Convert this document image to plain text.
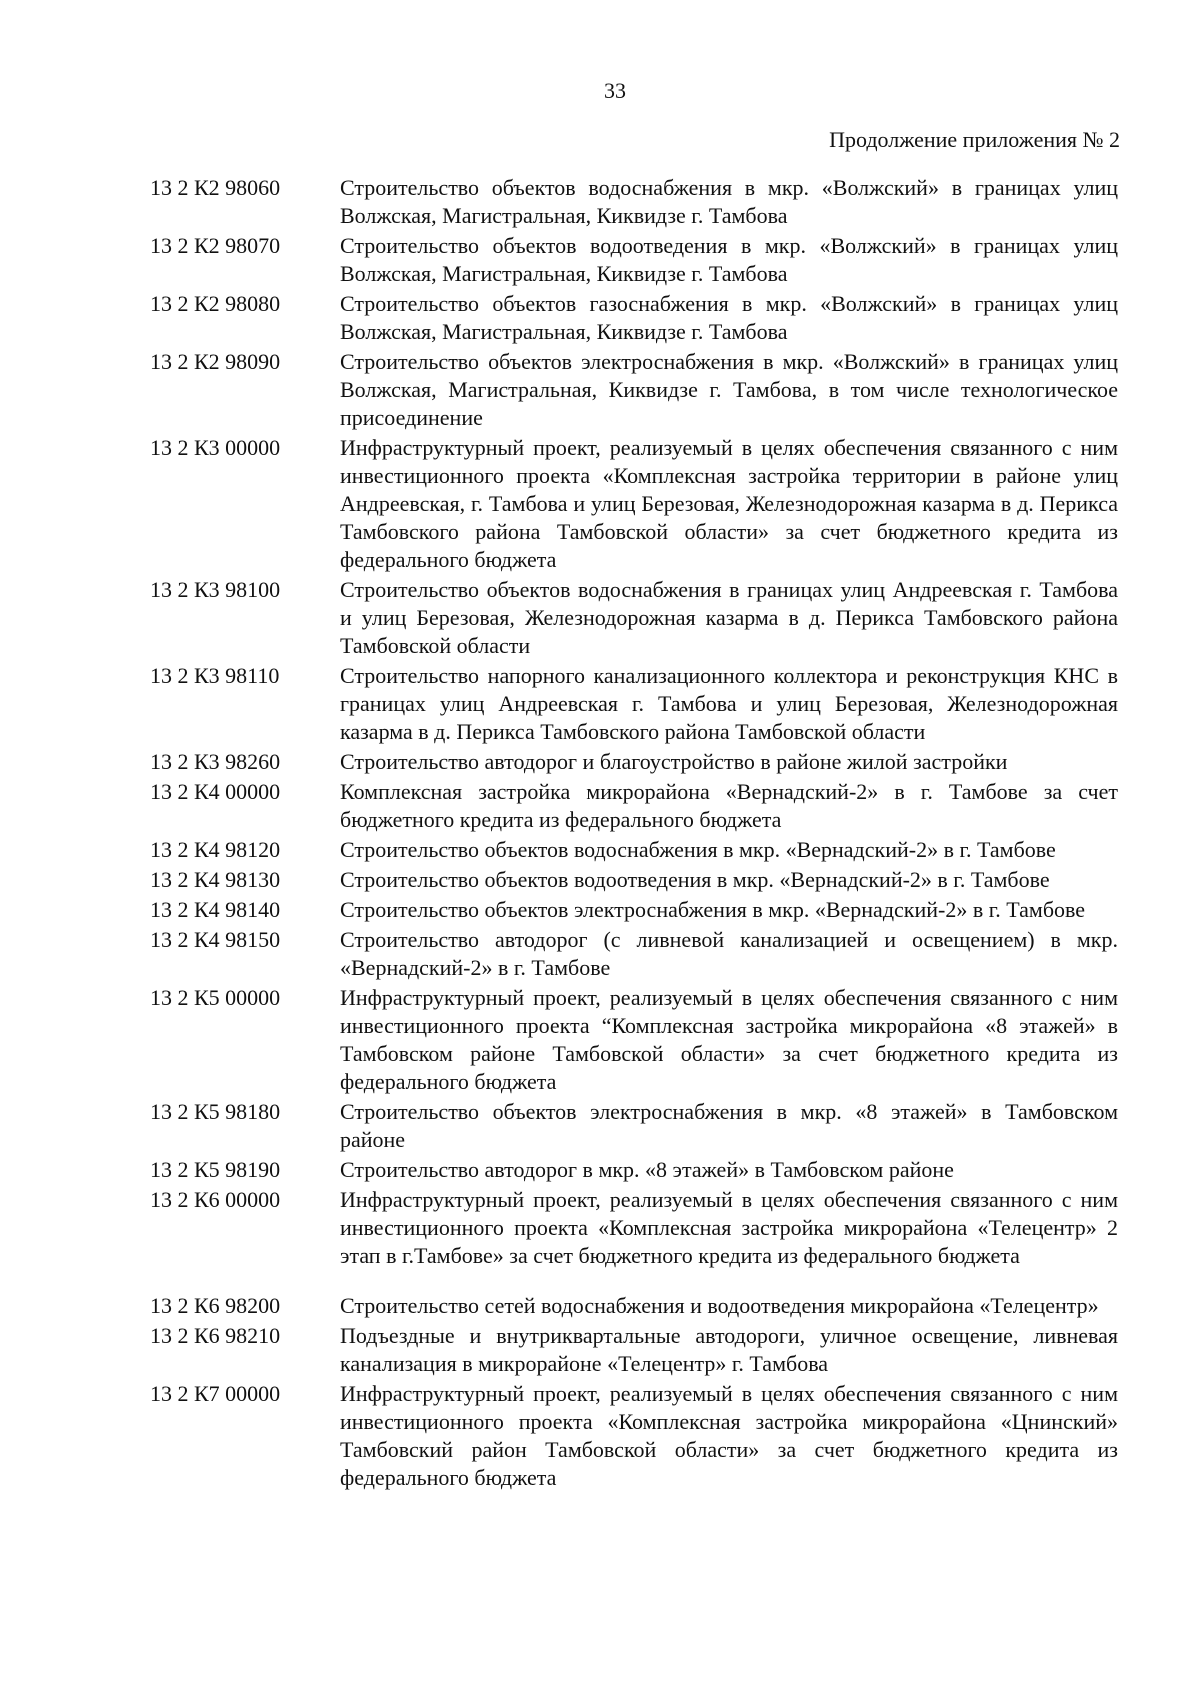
33
Продолжение приложения № 2
13 2 К2 98060	Строительство объектов водоснабжения в мкр. «Волжский» в границах улиц Волжская, Магистральная, Киквидзе г. Тамбова
13 2 К2 98070	Строительство объектов водоотведения в мкр. «Волжский» в границах улиц Волжская, Магистральная, Киквидзе г. Тамбова
13 2 К2 98080	Строительство объектов газоснабжения в мкр. «Волжский» в границах улиц Волжская, Магистральная, Киквидзе г. Тамбова
13 2 К2 98090	Строительство объектов электроснабжения в мкр. «Волжский» в границах улиц Волжская, Магистральная, Киквидзе г. Тамбова, в том числе технологическое присоединение
13 2 К3 00000	Инфраструктурный проект, реализуемый в целях обеспечения связанного с ним инвестиционного проекта «Комплексная застройка территории в районе улиц Андреевская, г. Тамбова и улиц Березовая, Железнодорожная казарма в д. Перикса Тамбовского района Тамбовской области» за счет бюджетного кредита из федерального бюджета
13 2 К3 98100	Строительство объектов водоснабжения в границах улиц Андреевская г. Тамбова и улиц Березовая, Железнодорожная казарма в д. Перикса Тамбовского района Тамбовской области
13 2 К3 98110	Строительство напорного канализационного коллектора и реконструкция КНС в границах улиц Андреевская г. Тамбова и улиц Березовая, Железнодорожная казарма в д. Перикса Тамбовского района Тамбовской области
13 2 К3 98260	Строительство автодорог и благоустройство в районе жилой застройки
13 2 К4 00000	Комплексная застройка микрорайона «Вернадский-2» в г. Тамбове за счет бюджетного кредита из федерального бюджета
13 2 К4 98120	Строительство объектов водоснабжения в мкр. «Вернадский-2» в г. Тамбове
13 2 К4 98130	Строительство объектов водоотведения в мкр. «Вернадский-2» в г. Тамбове
13 2 К4 98140	Строительство объектов электроснабжения в мкр. «Вернадский-2» в г. Тамбове
13 2 К4 98150	Строительство автодорог (с ливневой канализацией и освещением) в мкр. «Вернадский-2» в г. Тамбове
13 2 К5 00000	Инфраструктурный проект, реализуемый в целях обеспечения связанного с ним инвестиционного проекта “Комплексная застройка микрорайона «8 этажей» в Тамбовском районе Тамбовской области» за счет бюджетного кредита из федерального бюджета
13 2 К5 98180	Строительство объектов электроснабжения в мкр. «8 этажей» в Тамбовском районе
13 2 К5 98190	Строительство автодорог в мкр. «8 этажей» в Тамбовском районе
13 2 К6 00000	Инфраструктурный проект, реализуемый в целях обеспечения связанного с ним инвестиционного проекта «Комплексная застройка микрорайона «Телецентр» 2 этап в г.Тамбове» за счет бюджетного кредита из федерального бюджета
13 2 К6 98200	Строительство сетей водоснабжения и водоотведения микрорайона «Телецентр»
13 2 К6 98210	Подъездные и внутриквартальные автодороги, уличное освещение, ливневая канализация в микрорайоне «Телецентр» г. Тамбова
13 2 К7 00000	Инфраструктурный проект, реализуемый в целях обеспечения связанного с ним инвестиционного проекта «Комплексная застройка микрорайона «Цнинский» Тамбовский район Тамбовской области» за счет бюджетного кредита из федерального бюджета
